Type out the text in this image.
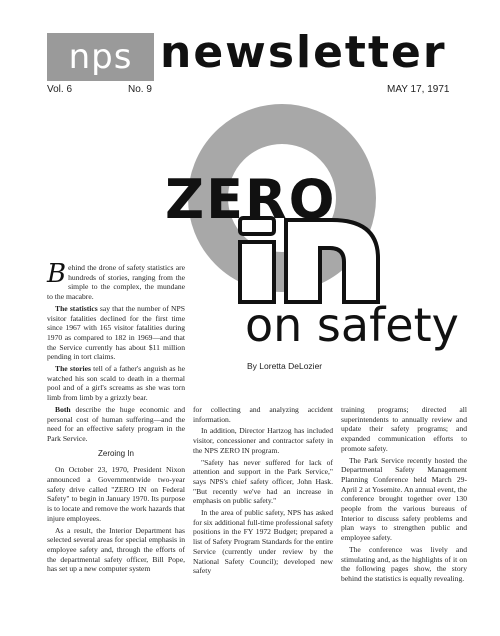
nps newsletter
Vol. 6	No. 9	MAY 17, 1971
ZERO
on safety
By Loretta DeLozier

B ehind the drone of safety statistics are hundreds of stories, ranging from the simple to the complex, the mundane to the macabre.

The statistics say that the number of NPS visitor fatalities declined for the first time since 1967 with 165 visitor fatalities during 1970 as compared to 182 in 1969—and that the Service currently has about $11 million pending in tort claims.

The stories tell of a father's anguish as he watched his son scald to death in a thermal pool and of a girl's screams as she was torn limb from limb by a grizzly bear.

Both describe the huge economic and personal cost of human suffering—and the need for an effective safety program in the Park Service.

Zeroing In

On October 23, 1970, President Nixon announced a Governmentwide two-year safety drive called "ZERO IN on Federal Safety" to begin in January 1970. Its purpose is to locate and remove the work hazards that injure employees.

As a result, the Interior Department has selected several areas for special emphasis in employee safety and, through the efforts of the departmental safety officer, Bill Pope, has set up a new computer system

for collecting and analyzing accident information.

In addition, Director Hartzog has included visitor, concessioner and contractor safety in the NPS ZERO IN program.

"Safety has never suffered for lack of attention and support in the Park Service," says NPS's chief safety officer, John Hask. "But recently we've had an increase in emphasis on public safety."

In the area of public safety, NPS has asked for six additional full-time professional safety positions in the FY 1972 Budget; prepared a list of Safety Program Standards for the entire Service (currently under review by the National Safety Council); developed new safety

training programs; directed all superintendents to annually review and update their safety programs; and expanded communication efforts to promote safety.

The Park Service recently hosted the Departmental Safety Management Planning Conference held March 29-April 2 at Yosemite. An annual event, the conference brought together over 130 people from the various bureaus of Interior to discuss safety problems and plan ways to strengthen public and employee safety.

The conference was lively and stimulating and, as the highlights of it on the following pages show, the story behind the statistics is equally revealing.
